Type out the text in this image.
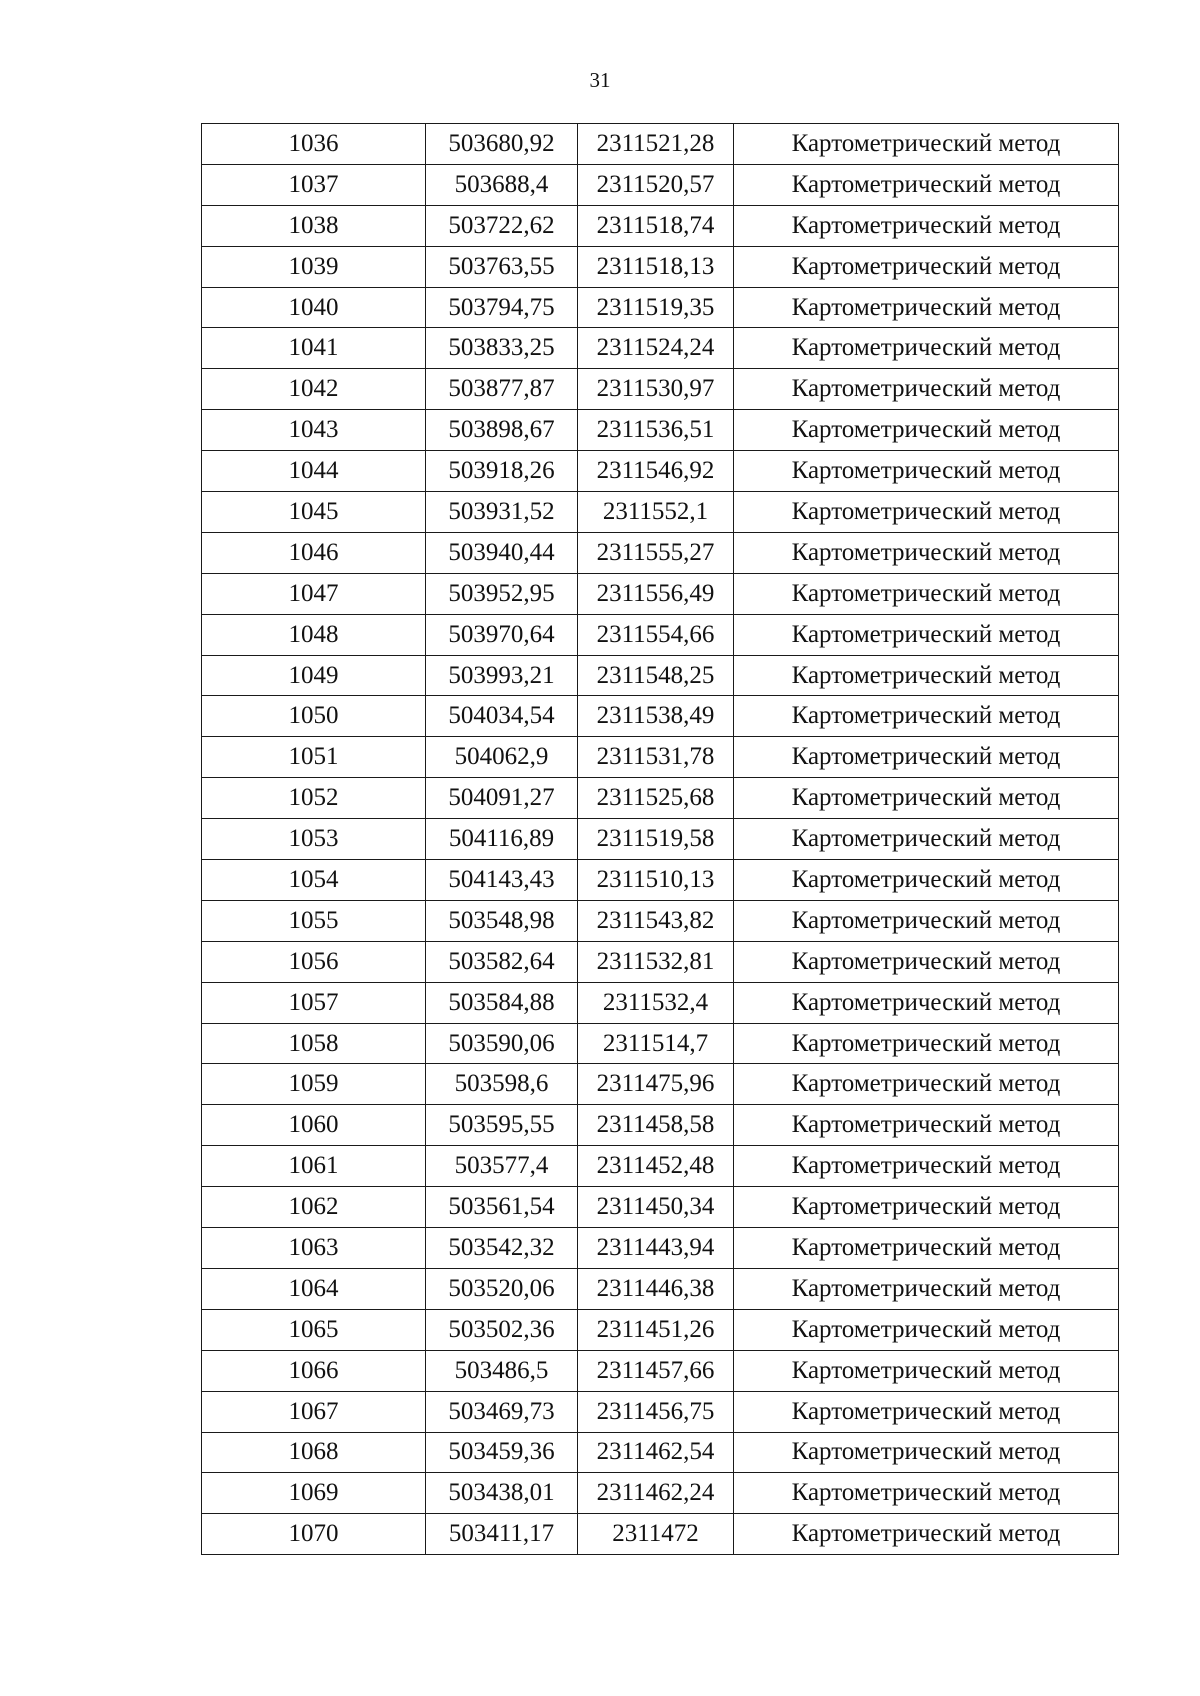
31
1036	503680,92	2311521,28	Картометрический метод
1037	503688,4	2311520,57	Картометрический метод
1038	503722,62	2311518,74	Картометрический метод
1039	503763,55	2311518,13	Картометрический метод
1040	503794,75	2311519,35	Картометрический метод
1041	503833,25	2311524,24	Картометрический метод
1042	503877,87	2311530,97	Картометрический метод
1043	503898,67	2311536,51	Картометрический метод
1044	503918,26	2311546,92	Картометрический метод
1045	503931,52	2311552,1	Картометрический метод
1046	503940,44	2311555,27	Картометрический метод
1047	503952,95	2311556,49	Картометрический метод
1048	503970,64	2311554,66	Картометрический метод
1049	503993,21	2311548,25	Картометрический метод
1050	504034,54	2311538,49	Картометрический метод
1051	504062,9	2311531,78	Картометрический метод
1052	504091,27	2311525,68	Картометрический метод
1053	504116,89	2311519,58	Картометрический метод
1054	504143,43	2311510,13	Картометрический метод
1055	503548,98	2311543,82	Картометрический метод
1056	503582,64	2311532,81	Картометрический метод
1057	503584,88	2311532,4	Картометрический метод
1058	503590,06	2311514,7	Картометрический метод
1059	503598,6	2311475,96	Картометрический метод
1060	503595,55	2311458,58	Картометрический метод
1061	503577,4	2311452,48	Картометрический метод
1062	503561,54	2311450,34	Картометрический метод
1063	503542,32	2311443,94	Картометрический метод
1064	503520,06	2311446,38	Картометрический метод
1065	503502,36	2311451,26	Картометрический метод
1066	503486,5	2311457,66	Картометрический метод
1067	503469,73	2311456,75	Картометрический метод
1068	503459,36	2311462,54	Картометрический метод
1069	503438,01	2311462,24	Картометрический метод
1070	503411,17	2311472	Картометрический метод
